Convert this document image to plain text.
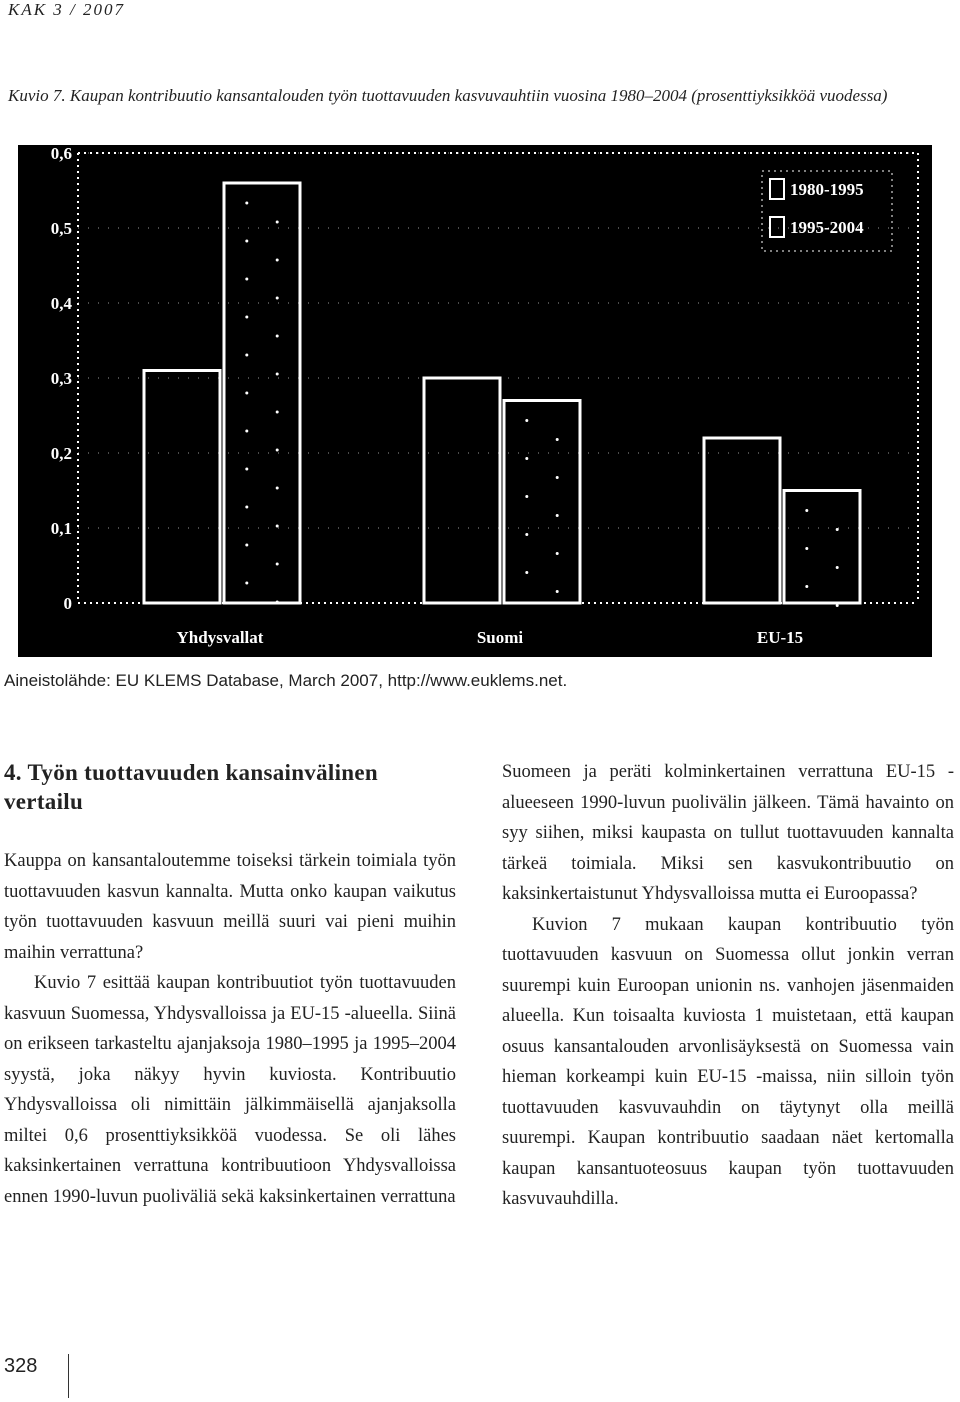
KAK 3 / 2007
Kuvio 7. Kaupan kontribuutio kansantalouden työn tuottavuuden kasvuvauhtiin vuosina 1980–2004 (prosenttiyksikköä vuodessa)
0
0,1
0,2
0,3
0,4
0,5
0,6
Yhdysvallat	Suomi	EU-15
1980-1995
1995-2004
Aineistolähde: EU KLEMS Database, March 2007, http://www.euklems.net.
4. Työn tuottavuuden kansainvälinen vertailu

Kauppa on kansantaloutemme toiseksi tärkein toimiala työn tuottavuuden kasvun kannalta. Mutta onko kaupan vaikutus työn tuottavuuden kasvuun meillä suuri vai pieni muihin maihin verrattuna?

Kuvio 7 esittää kaupan kontribuutiot työn tuottavuuden kasvuun Suomessa, Yhdysvalloissa ja EU-15 -alueella. Siinä on erikseen tarkasteltu ajanjaksoja 1980–1995 ja 1995–2004 syystä, joka näkyy hyvin kuviosta. Kontribuutio Yhdysvalloissa oli nimittäin jälkimmäisellä ajanjaksolla miltei 0,6 prosenttiyksikköä vuodessa. Se oli lähes kaksinkertainen verrattuna kontribuutioon Yhdysvalloissa ennen 1990-luvun puoliväliä sekä kaksinkertainen verrattuna

Suomeen ja peräti kolminkertainen verrattuna EU-15 -alueeseen 1990-luvun puolivälin jälkeen. Tämä havainto on syy siihen, miksi kaupasta on tullut tuottavuuden kannalta tärkeä toimiala. Miksi sen kasvukontribuutio on kaksinkertaistunut Yhdysvalloissa mutta ei Euroopassa?

Kuvion 7 mukaan kaupan kontribuutio työn tuottavuuden kasvuun on Suomessa ollut jonkin verran suurempi kuin Euroopan unionin ns. vanhojen jäsenmaiden alueella. Kun toisaalta kuviosta 1 muistetaan, että kaupan osuus kansantalouden arvonlisäyksestä on Suomessa vain hieman korkeampi kuin EU-15 -maissa, niin silloin työn tuottavuuden kasvuvauhdin on täytynyt olla meillä suurempi. Kaupan kontribuutio saadaan näet kertomalla kaupan kansantuoteosuus kaupan työn tuottavuuden kasvuvauhdilla.

328
